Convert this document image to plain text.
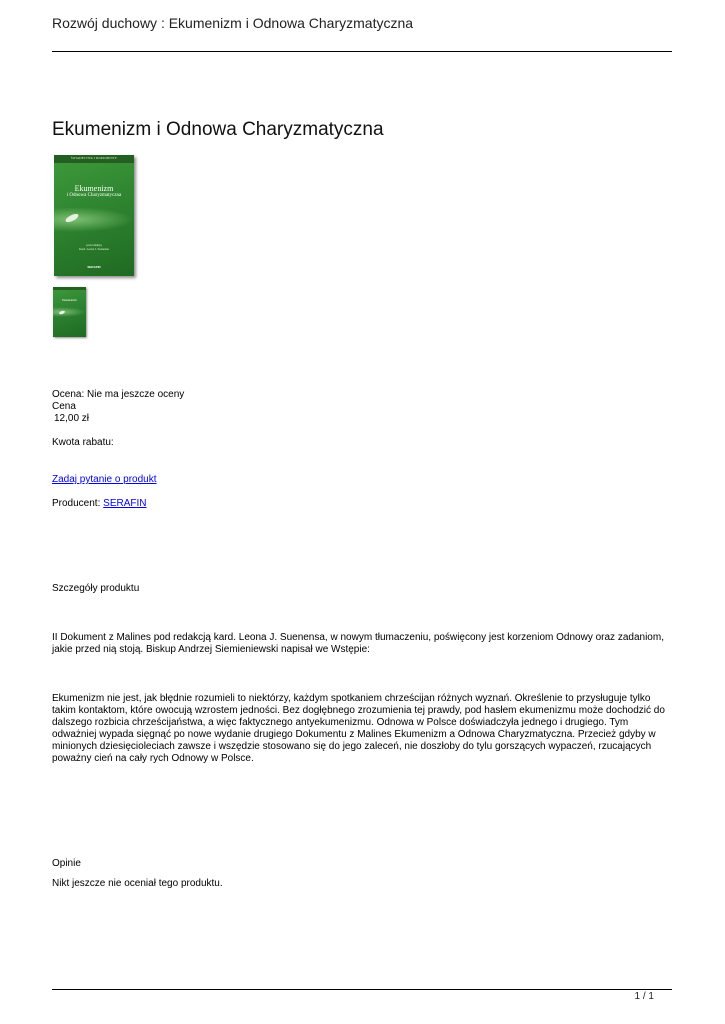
Rozwój duchowy : Ekumenizm i Odnowa Charyzmatyczna
Ekumenizm i Odnowa Charyzmatyczna
ŚWIADECTWA I DOKUMENTY
Ekumenizm
i Odnowa Charyzmatyczna
pod redakcją
Kard. Leona J. Suenensa
SERAFIN
Ekumenizm
Ocena: Nie ma jeszcze oceny
Cena
12,00 zł
Kwota rabatu:
Zadaj pytanie o produkt
Producent: SERAFIN
Szczegóły produktu
II Dokument z Malines pod redakcją kard. Leona J. Suenensa, w nowym tłumaczeniu, poświęcony jest korzeniom Odnowy oraz zadaniom, jakie przed nią stoją. Biskup Andrzej Siemieniewski napisał we Wstępie:
Ekumenizm nie jest, jak błędnie rozumieli to niektórzy, każdym spotkaniem chrześcijan różnych wyznań. Określenie to przysługuje tylko takim kontaktom, które owocują wzrostem jedności. Bez dogłębnego zrozumienia tej prawdy, pod hasłem ekumenizmu może dochodzić do dalszego rozbicia chrześcijaństwa, a więc faktycznego antyekumenizmu. Odnowa w Polsce doświadczyła jednego i drugiego. Tym odważniej wypada sięgnąć po nowe wydanie drugiego Dokumentu z Malines Ekumenizm a Odnowa Charyzmatyczna. Przecież gdyby w minionych dziesięcioleciach zawsze i wszędzie stosowano się do jego zaleceń, nie doszłoby do tylu gorszących wypaczeń, rzucających poważny cień na cały rych Odnowy w Polsce.
Opinie
Nikt jeszcze nie oceniał tego produktu.
1 / 1
